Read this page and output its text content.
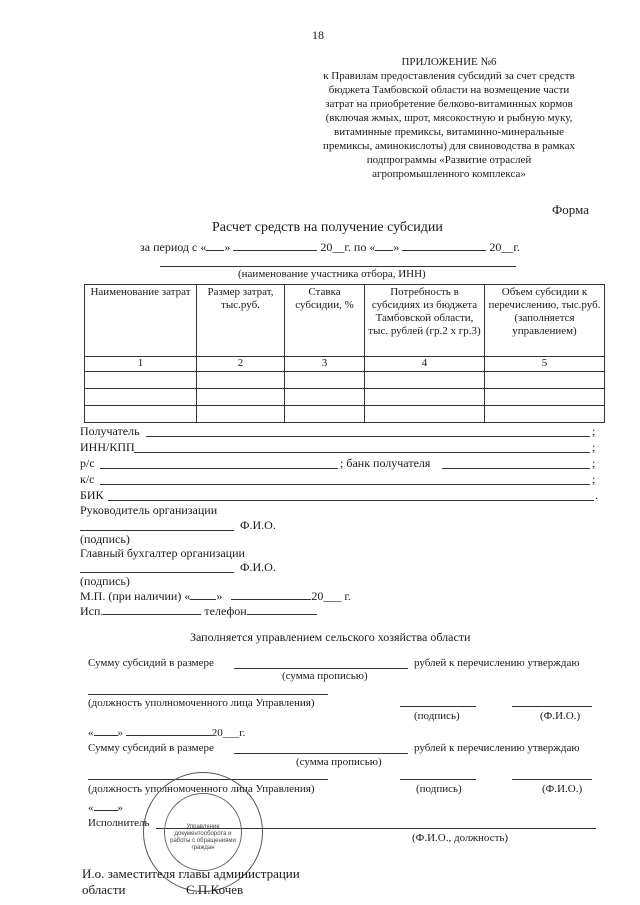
18
ПРИЛОЖЕНИЕ №6
к Правилам предоставления субсидий за счет средств бюджета Тамбовской области на возмещение части затрат на приобретение белково-витаминных кормов (включая жмых, шрот, мясокостную и рыбную муку, витаминные премиксы, витаминно-минеральные премиксы, аминокислоты) для свиноводства в рамках подпрограммы «Развитие отраслей агропромышленного комплекса»
Форма
Расчет средств на получение субсидии
за период с « »	20__г. по « »	20__г.
(наименование участника отбора, ИНН)
Наименование затрат	Размер затрат, тыс.руб.	Ставка субсидии, %	Потребность в субсидиях из бюджета Тамбовской области, тыс. рублей (гр.2 х гр.3)	Объем субсидии к перечислению, тыс.руб. (заполняется управлением)
1	2	3	4	5

Получатель	;
ИНН/КПП	;
р/с	; банк получателя	;
к/с	;
БИК	.
Руководитель организации
Ф.И.О.
(подпись)
Главный бухгалтер организации
Ф.И.О.
(подпись)
М.П. (при наличии) « »	20___ г.
Исп.	телефон
Заполняется управлением сельского хозяйства области
Сумму субсидий в размере	рублей к перечислению утверждаю
(сумма прописью)
(должность уполномоченного лица Управления)
(подпись)	(Ф.И.О.)
« »	20___г.
Сумму субсидий в размере	рублей к перечислению утверждаю
(сумма прописью)
(должность уполномоченного лица Управления)	(подпись)	(Ф.И.О.)
« »
Исполнитель
(Ф.И.О., должность)
Управление документооборота и работы с обращениями граждан
И.о. заместителя главы администрации
области	С.П.Кочев
